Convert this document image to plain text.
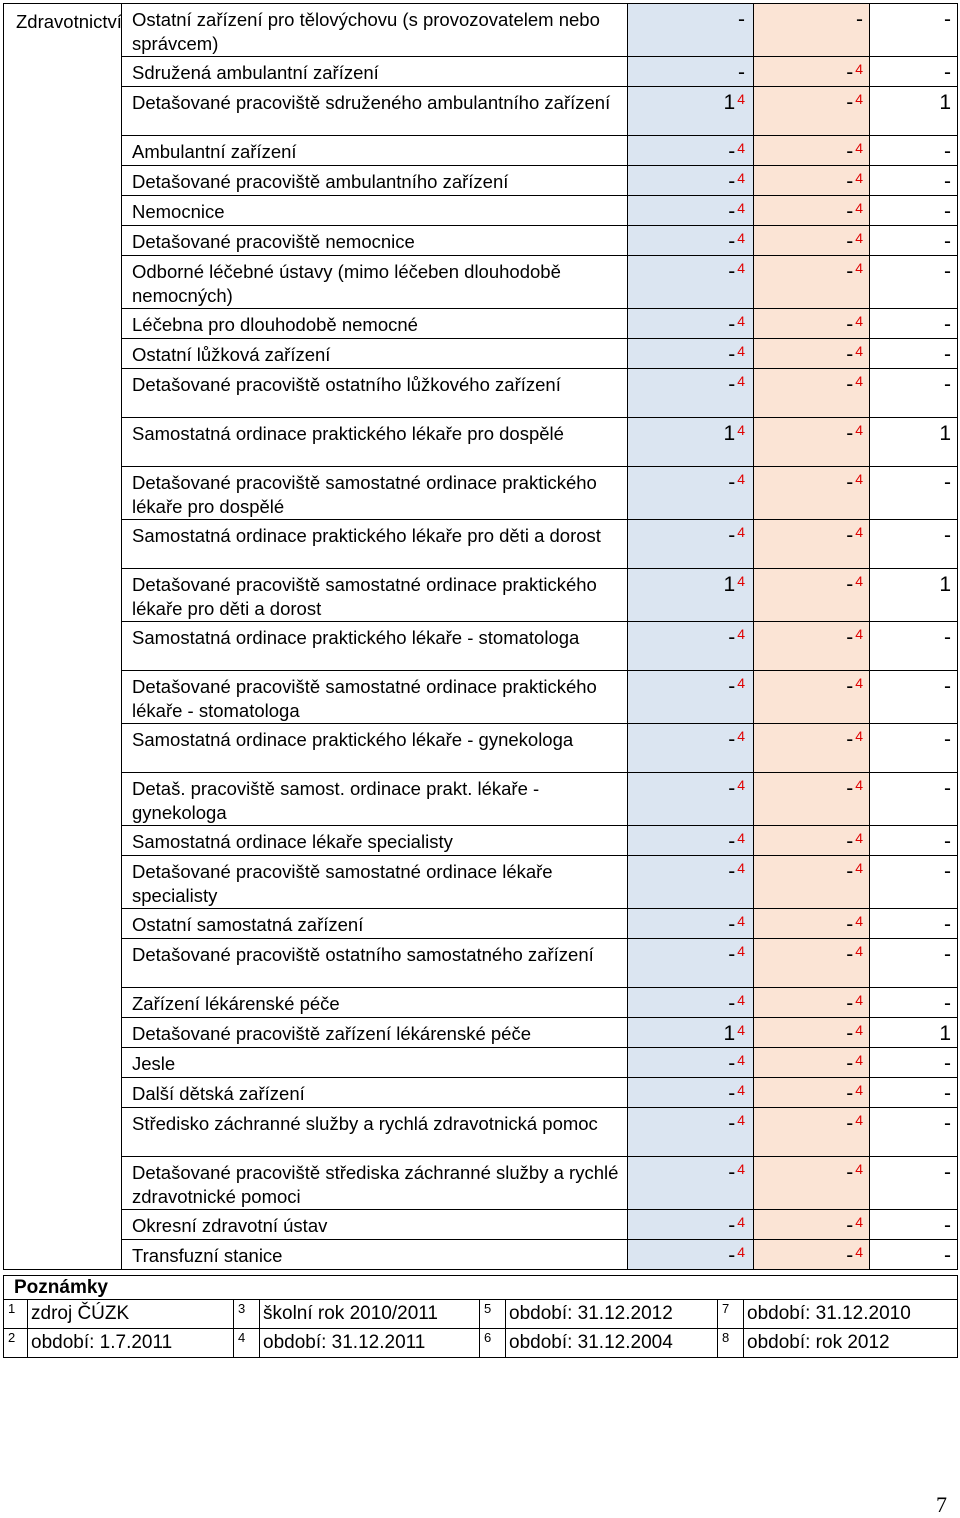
Zdravotnictví	Ostatní zařízení pro tělovýchovu (s provozovatelem nebo správcem)	-	-	-
	Sdružená ambulantní zařízení	-	- $^4$	-
	Detašované pracoviště sdruženého ambulantního zařízení	1 $^4$	- $^4$	1
	Ambulantní zařízení	- $^4$	- $^4$	-
	Detašované pracoviště ambulantního zařízení	- $^4$	- $^4$	-
	Nemocnice	- $^4$	- $^4$	-
	Detašované pracoviště nemocnice	- $^4$	- $^4$	-
	Odborné léčebné ústavy (mimo léčeben dlouhodobě nemocných)	- $^4$	- $^4$	-
	Léčebna pro dlouhodobě nemocné	- $^4$	- $^4$	-
	Ostatní lůžková zařízení	- $^4$	- $^4$	-
	Detašované pracoviště ostatního lůžkového zařízení	- $^4$	- $^4$	-
	Samostatná ordinace praktického lékaře pro dospělé	1 $^4$	- $^4$	1
	Detašované pracoviště samostatné ordinace praktického lékaře pro dospělé	- $^4$	- $^4$	-
	Samostatná ordinace praktického lékaře pro děti a dorost	- $^4$	- $^4$	-
	Detašované pracoviště samostatné ordinace praktického lékaře pro děti a dorost	1 $^4$	- $^4$	1
	Samostatná ordinace praktického lékaře - stomatologa	- $^4$	- $^4$	-
	Detašované pracoviště samostatné ordinace praktického lékaře - stomatologa	- $^4$	- $^4$	-
	Samostatná ordinace praktického lékaře - gynekologa	- $^4$	- $^4$	-
	Detaš. pracoviště samost. ordinace prakt. lékaře - gynekologa	- $^4$	- $^4$	-
	Samostatná ordinace lékaře specialisty	- $^4$	- $^4$	-
	Detašované pracoviště samostatné ordinace lékaře specialisty	- $^4$	- $^4$	-
	Ostatní samostatná zařízení	- $^4$	- $^4$	-
	Detašované pracoviště ostatního samostatného zařízení	- $^4$	- $^4$	-
	Zařízení lékárenské péče	- $^4$	- $^4$	-
	Detašované pracoviště zařízení lékárenské péče	1 $^4$	- $^4$	1
	Jesle	- $^4$	- $^4$	-
	Další dětská zařízení	- $^4$	- $^4$	-
	Středisko záchranné služby a rychlá zdravotnická pomoc	- $^4$	- $^4$	-
	Detašované pracoviště střediska záchranné služby a rychlé zdravotnické pomoci	- $^4$	- $^4$	-
	Okresní zdravotní ústav	- $^4$	- $^4$	-
	Transfuzní stanice	- $^4$	- $^4$	-
Poznámky							
1	zdroj ČÚZK	3	školní rok 2010/2011	5	období: 31.12.2012	7	období: 31.12.2010
2	období: 1.7.2011	4	období: 31.12.2011	6	období: 31.12.2004	8	období: rok 2012
7
